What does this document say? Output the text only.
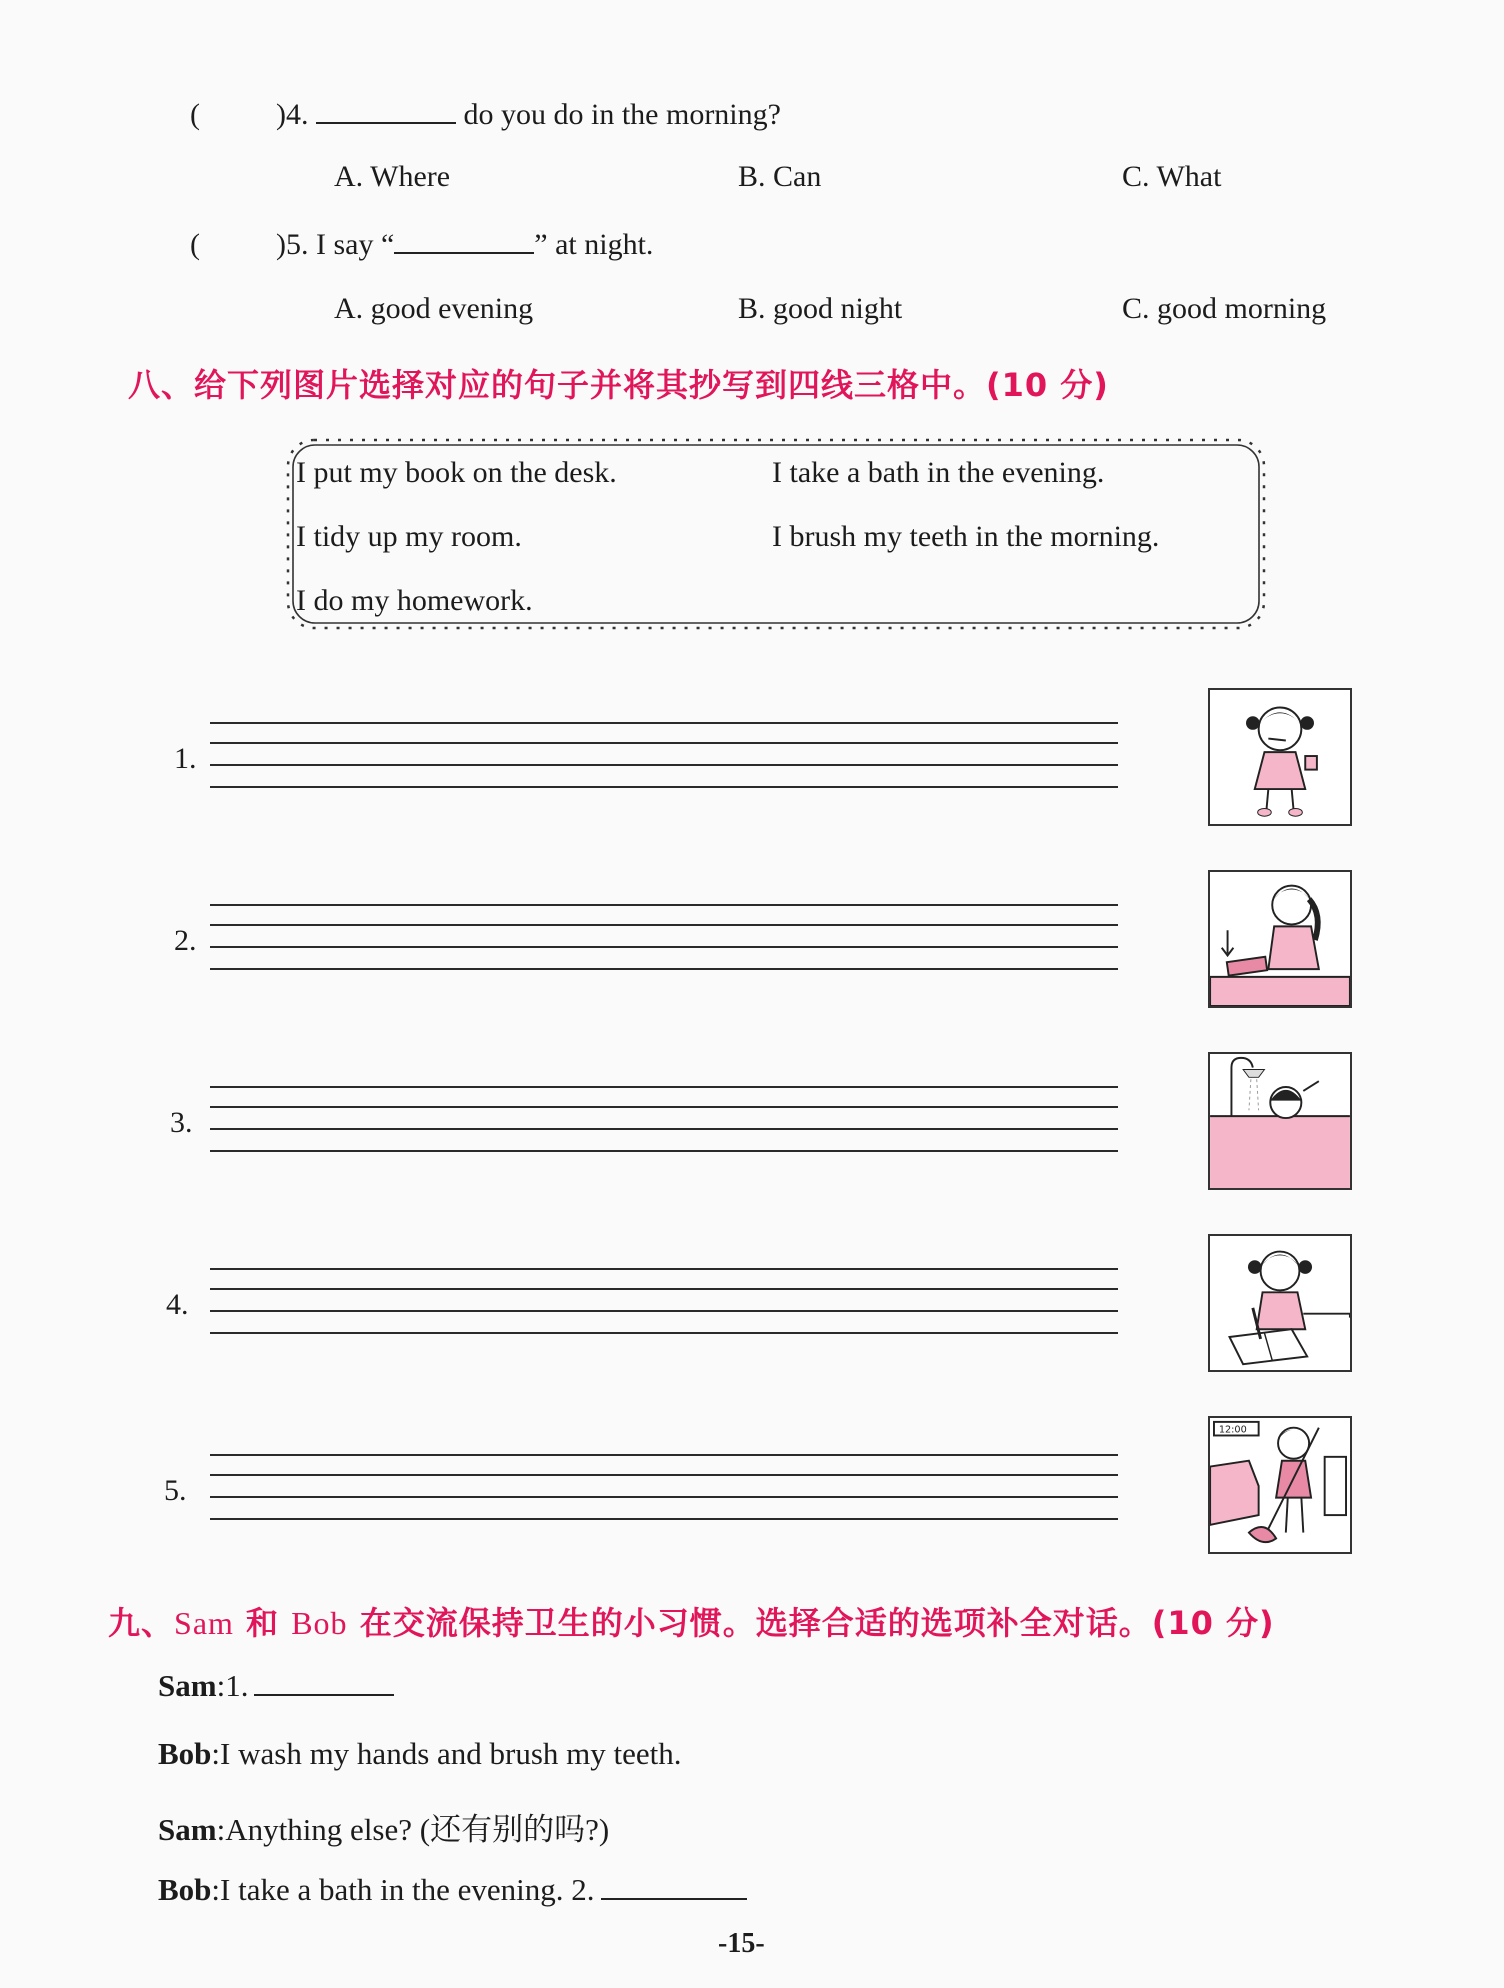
(	)4.	do you do in the morning?
A. Where	B. Can	C. What
(	)5. I say “	” at night.
A. good evening	B. good night	C. good morning
八、给下列图片选择对应的句子并将其抄写到四线三格中。(10 分)
I put my book on the desk.	I take a bath in the evening.
I tidy up my room.	I brush my teeth in the morning.
I do my homework.
1.
2.
3.
4.
5.
12:00
九、Sam 和 Bob 在交流保持卫生的小习惯。选择合适的选项补全对话。(10 分)
Sam:1.
Bob:I wash my hands and brush my teeth.
Sam:Anything else? (还有别的吗?)
Bob:I take a bath in the evening. 2.
-15-
